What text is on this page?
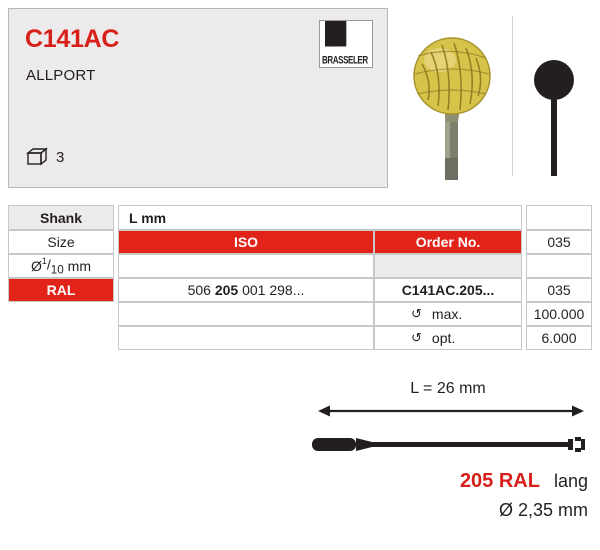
C141AC
ALLPORT
3
█▌
BRASSELER
Shank
Size
Ø $^1/_{10}$
mm
RAL
L mm
ISO	Order No.
506
205
001 298...	C141AC.205...
↺ max.
↺ opt.
035
035
100.000
6.000
L = 26 mm
205 RAL lang
Ø 2,35 mm
